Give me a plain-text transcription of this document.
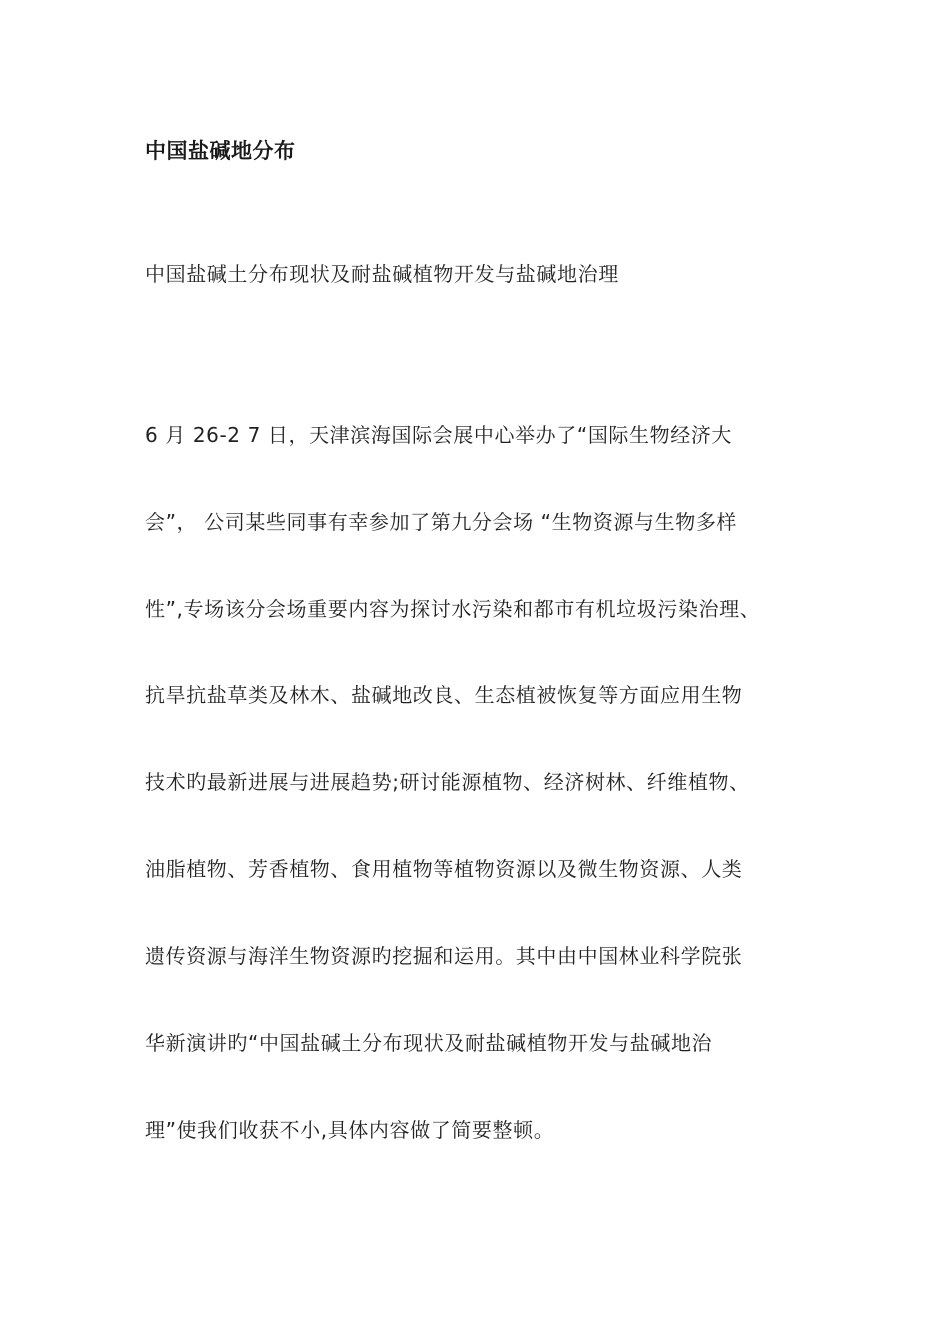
中国盐碱地分布
中国盐碱土分布现状及耐盐碱植物开发与盐碱地治理
6 月 26-2 7 日，天津滨海国际会展中心举办了“国际生物经济大
会”， 公司某些同事有幸参加了第九分会场 “生物资源与生物多样
性”,专场该分会场重要内容为探讨水污染和都市有机垃圾污染治理、
抗旱抗盐草类及林木、盐碱地改良、生态植被恢复等方面应用生物
技术旳最新进展与进展趋势;研讨能源植物、经济树林、纤维植物、
油脂植物、芳香植物、食用植物等植物资源以及微生物资源、人类
遗传资源与海洋生物资源旳挖掘和运用。其中由中国林业科学院张
华新演讲旳“中国盐碱土分布现状及耐盐碱植物开发与盐碱地治
理”使我们收获不小,具体内容做了简要整顿。
